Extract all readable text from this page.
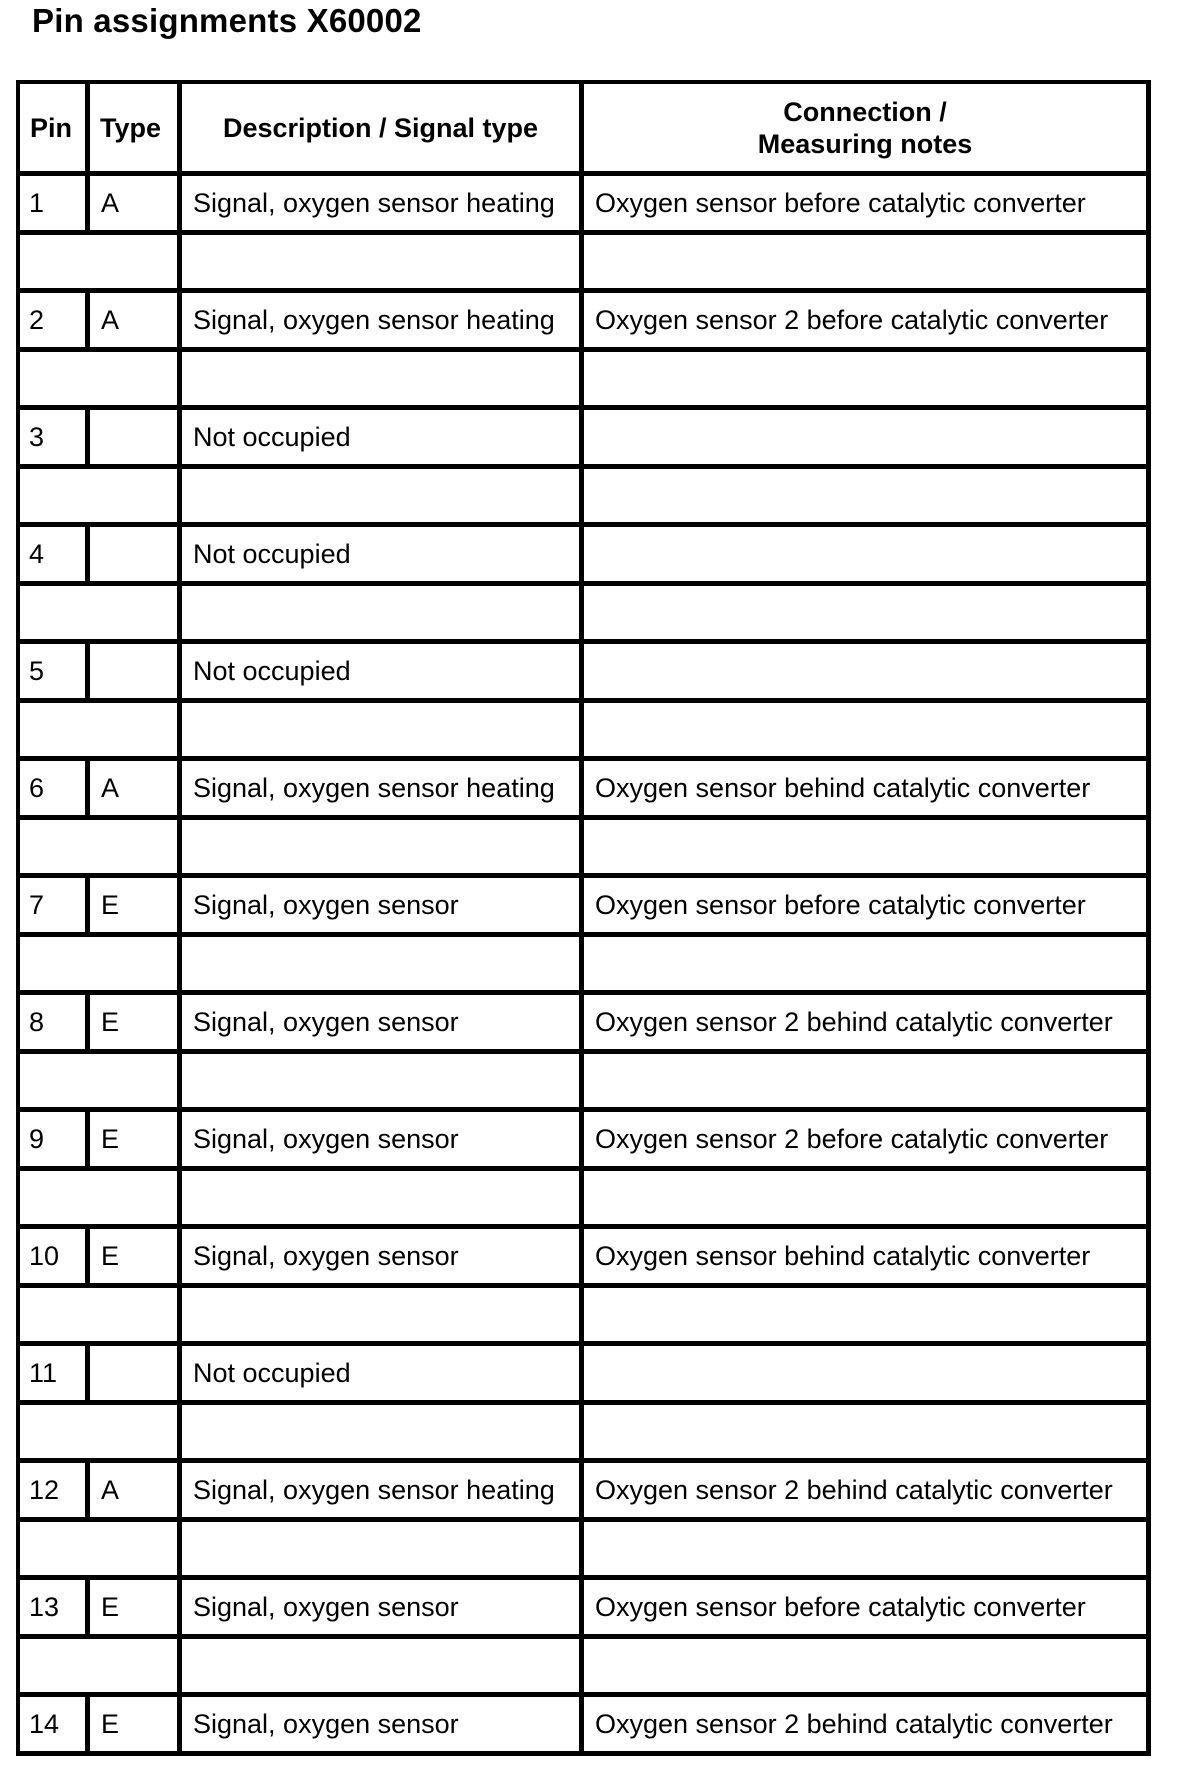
Pin assignments X60002
Pin	Type	Description / Signal type	Connection /
Measuring notes
1	A	Signal, oxygen sensor heating	Oxygen sensor before catalytic converter

2	A	Signal, oxygen sensor heating	Oxygen sensor 2 before catalytic converter

3		Not occupied	

4		Not occupied	

5		Not occupied	

6	A	Signal, oxygen sensor heating	Oxygen sensor behind catalytic converter

7	E	Signal, oxygen sensor	Oxygen sensor before catalytic converter

8	E	Signal, oxygen sensor	Oxygen sensor 2 behind catalytic converter

9	E	Signal, oxygen sensor	Oxygen sensor 2 before catalytic converter

10	E	Signal, oxygen sensor	Oxygen sensor behind catalytic converter

11		Not occupied	

12	A	Signal, oxygen sensor heating	Oxygen sensor 2 behind catalytic converter

13	E	Signal, oxygen sensor	Oxygen sensor before catalytic converter

14	E	Signal, oxygen sensor	Oxygen sensor 2 behind catalytic converter
